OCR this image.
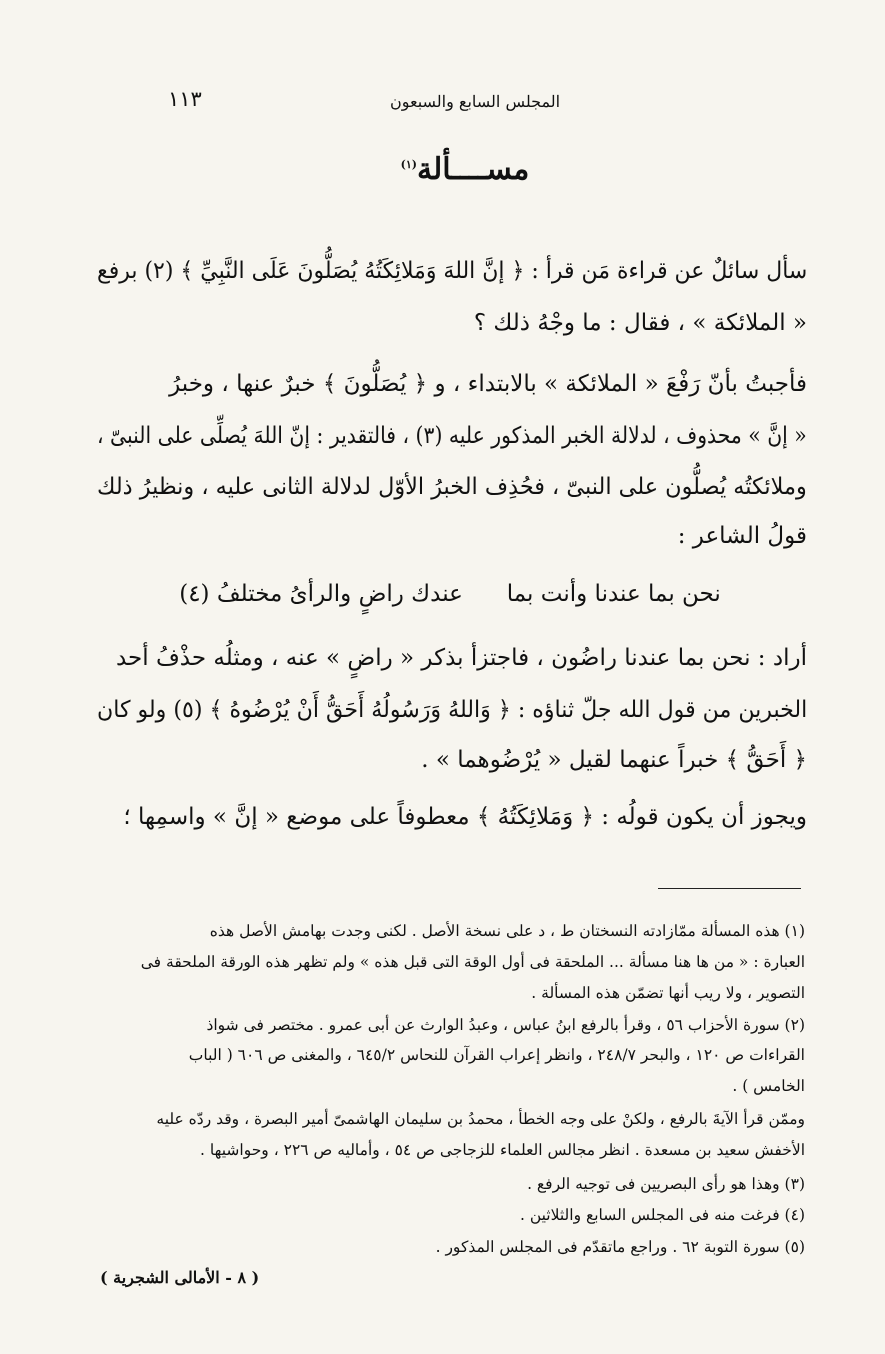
المجلس السابع والسبعون
١١٣
مسـ‌ـــألة$^{(١)}$
سأل سائلٌ عن قراءة مَن قرأ : ﴿ إنَّ اللهَ وَمَلائِكَتُهُ يُصَلُّونَ عَلَى النَّبِيِّ ﴾ (٢) برفع
« الملائكة » ، فقال : ما وجْهُ ذلك ؟
فأجبتُ بأنّ رَفْعَ « الملائكة » بالابتداء ، و ﴿ يُصَلُّونَ ﴾ خبرٌ عنها ، وخبرُ
« إنَّ » محذوف ، لدلالة الخبر المذكور عليه (٣) ، فالتقدير : إنّ اللهَ يُصلِّى على النبىّ ،
وملائكتُه يُصلُّون على النبىّ ، فحُذِف الخبرُ الأوّل لدلالة الثانى عليه ، ونظيرُ ذلك
قولُ الشاعر :
نحن بما عندنا وأنت بما      عندك راضٍ والرأىُ مختلفُ (٤)
أراد : نحن بما عندنا راضُون ، فاجتزأ بذكر « راضٍ » عنه ، ومثلُه حذْفُ أحد
الخبرين من قول الله جلّ ثناؤه : ﴿ وَاللهُ وَرَسُولُهُ أَحَقُّ أَنْ يُرْضُوهُ ﴾ (٥) ولو كان
﴿ أَحَقُّ ﴾ خبراً عنهما لقيل « يُرْضُوهما » .
ويجوز أن يكون قولُه : ﴿ وَمَلائِكَتُهُ ﴾ معطوفاً على موضع « إنَّ » واسمِها ؛
(١) هذه المسألة ممّازادته النسختان ط ، د على نسخة الأصل . لكنى وجدت بهامش الأصل هذه
العبارة : « من ها هنا مسألة ... الملحقة فى أول الوقة التى قبل هذه » ولم تظهر هذه الورقة الملحقة فى
التصوير ، ولا ريب أنها تضمّن هذه المسألة .
(٢) سورة الأحزاب ٥٦ ، وقرأ بالرفع ابنُ عباس ، وعبدُ الوارث عن أبى عمرو . مختصر فى شواذ
القراءات ص ١٢٠ ، والبحر ٢٤٨/٧ ، وانظر إعراب القرآن للنحاس ٦٤٥/٢ ، والمغنى ص ٦٠٦ ( الباب
الخامس ) .
وممّن قرأ الآيةَ بالرفع ، ولكنْ على وجه الخطأ ، محمدُ بن سليمان الهاشمىّ أمير البصرة ، وقد ردّه عليه
الأخفش سعيد بن مسعدة . انظر مجالس العلماء للزجاجى ص ٥٤ ، وأماليه ص ٢٢٦ ، وحواشيها .
(٣) وهذا هو رأى البصريين فى توجيه الرفع .
(٤) فرغت منه فى المجلس السابع والثلاثين .
(٥) سورة التوبة ٦٢ . وراجع ماتقدّم فى المجلس المذكور .
( ٨ - الأمالى الشجرية )
